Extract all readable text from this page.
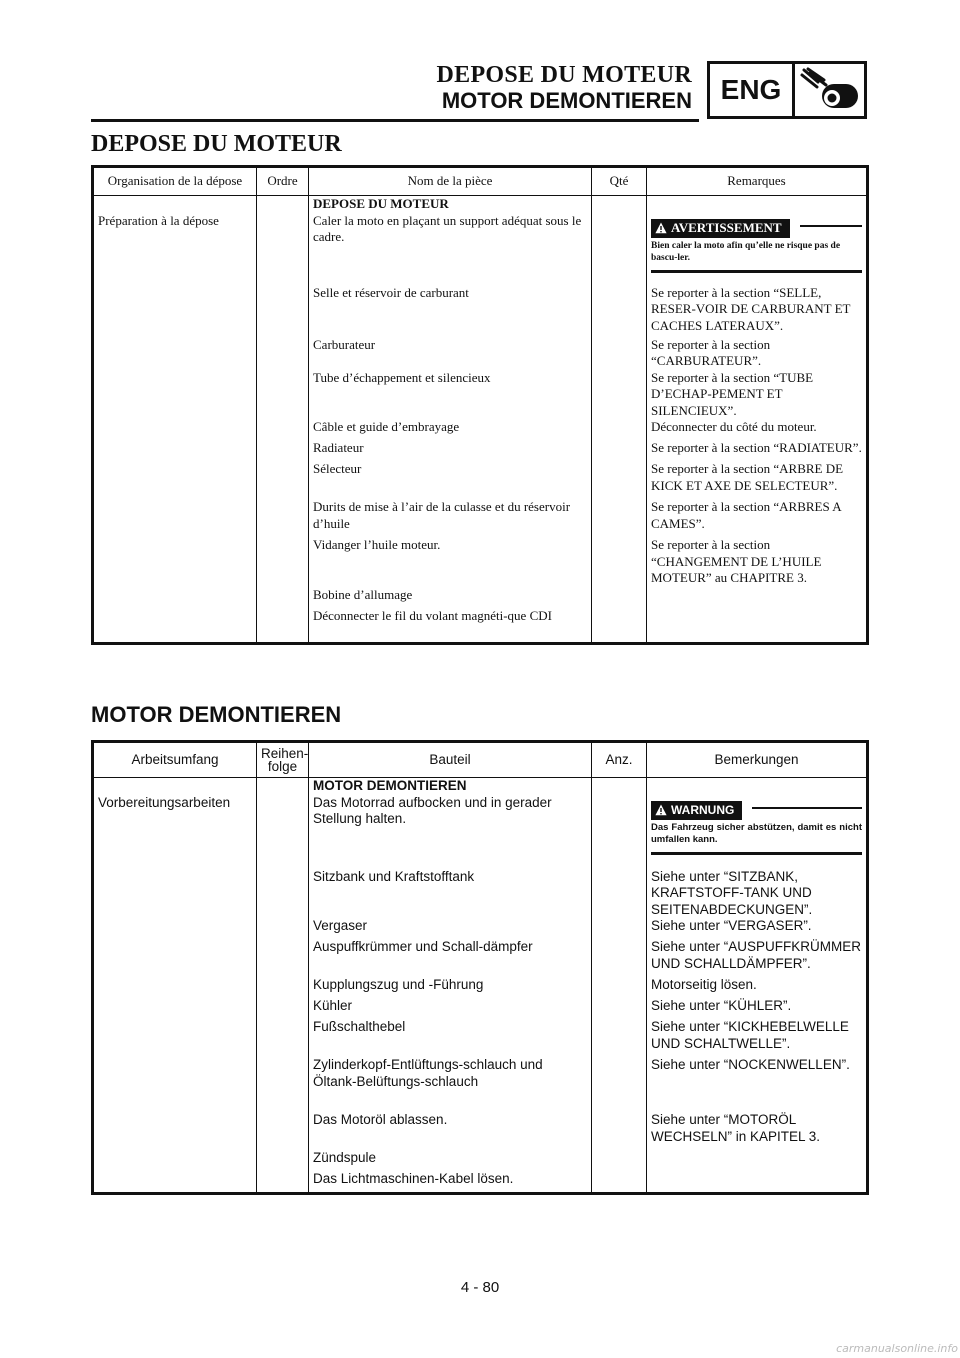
DEPOSE DU MOTEUR
MOTOR DEMONTIEREN	ENG
DEPOSE DU MOTEUR
Organisation de la dépose	Ordre	Nom de la pièce	Qté	Remarques
		DEPOSE DU MOTEUR		
Préparation à la dépose		Caler la moto en plaçant un support adéquat sous le cadre.		AVERTISSEMENT
Bien caler la moto afin qu’elle ne risque pas de bascu-ler.

		Selle et réservoir de carburant		Se reporter à la section “SELLE, RESER-VOIR DE CARBURANT ET CACHES LATERAUX”.
		Carburateur		Se reporter à la section “CARBURATEUR”.
		Tube d’échappement et silencieux		Se reporter à la section “TUBE D’ECHAP-PEMENT ET SILENCIEUX”.
		Câble et guide d’embrayage		Déconnecter du côté du moteur.
		Radiateur		Se reporter à la section “RADIATEUR”.
		Sélecteur		Se reporter à la section “ARBRE DE KICK ET AXE DE SELECTEUR”.
		Durits de mise à l’air de la culasse et du réservoir d’huile		Se reporter à la section “ARBRES A CAMES”.
		Vidanger l’huile moteur.		Se reporter à la section “CHANGEMENT DE L’HUILE MOTEUR” au CHAPITRE 3.
		Bobine d’allumage		
		Déconnecter le fil du volant magnéti-que CDI		
MOTOR DEMONTIEREN
Arbeitsumfang	Reihen-folge	Bauteil	Anz.	Bemerkungen
		MOTOR DEMONTIEREN		
Vorbereitungsarbeiten		Das Motorrad aufbocken und in gerader Stellung halten.		WARNUNG
Das Fahrzeug sicher abstützen, damit es nicht umfallen kann.

		Sitzbank und Kraftstofftank		Siehe unter “SITZBANK, KRAFTSTOFF-TANK UND SEITENABDECKUNGEN”.
		Vergaser		Siehe unter “VERGASER”.
		Auspuffkrümmer und Schall-dämpfer		Siehe unter “AUSPUFFKRÜMMER UND SCHALLDÄMPFER”.
		Kupplungszug und -Führung		Motorseitig lösen.
		Kühler		Siehe unter “KÜHLER”.
		Fußschalthebel		Siehe unter “KICKHEBELWELLE UND SCHALTWELLE”.
		Zylinderkopf-Entlüftungs-schlauch und Öltank-Belüftungs-schlauch		Siehe unter “NOCKENWELLEN”.
		Das Motoröl ablassen.		Siehe unter “MOTORÖL WECHSELN” in KAPITEL 3.
		Zündspule		
		Das Lichtmaschinen-Kabel lösen.		
4 - 80
carmanualsonline.info
